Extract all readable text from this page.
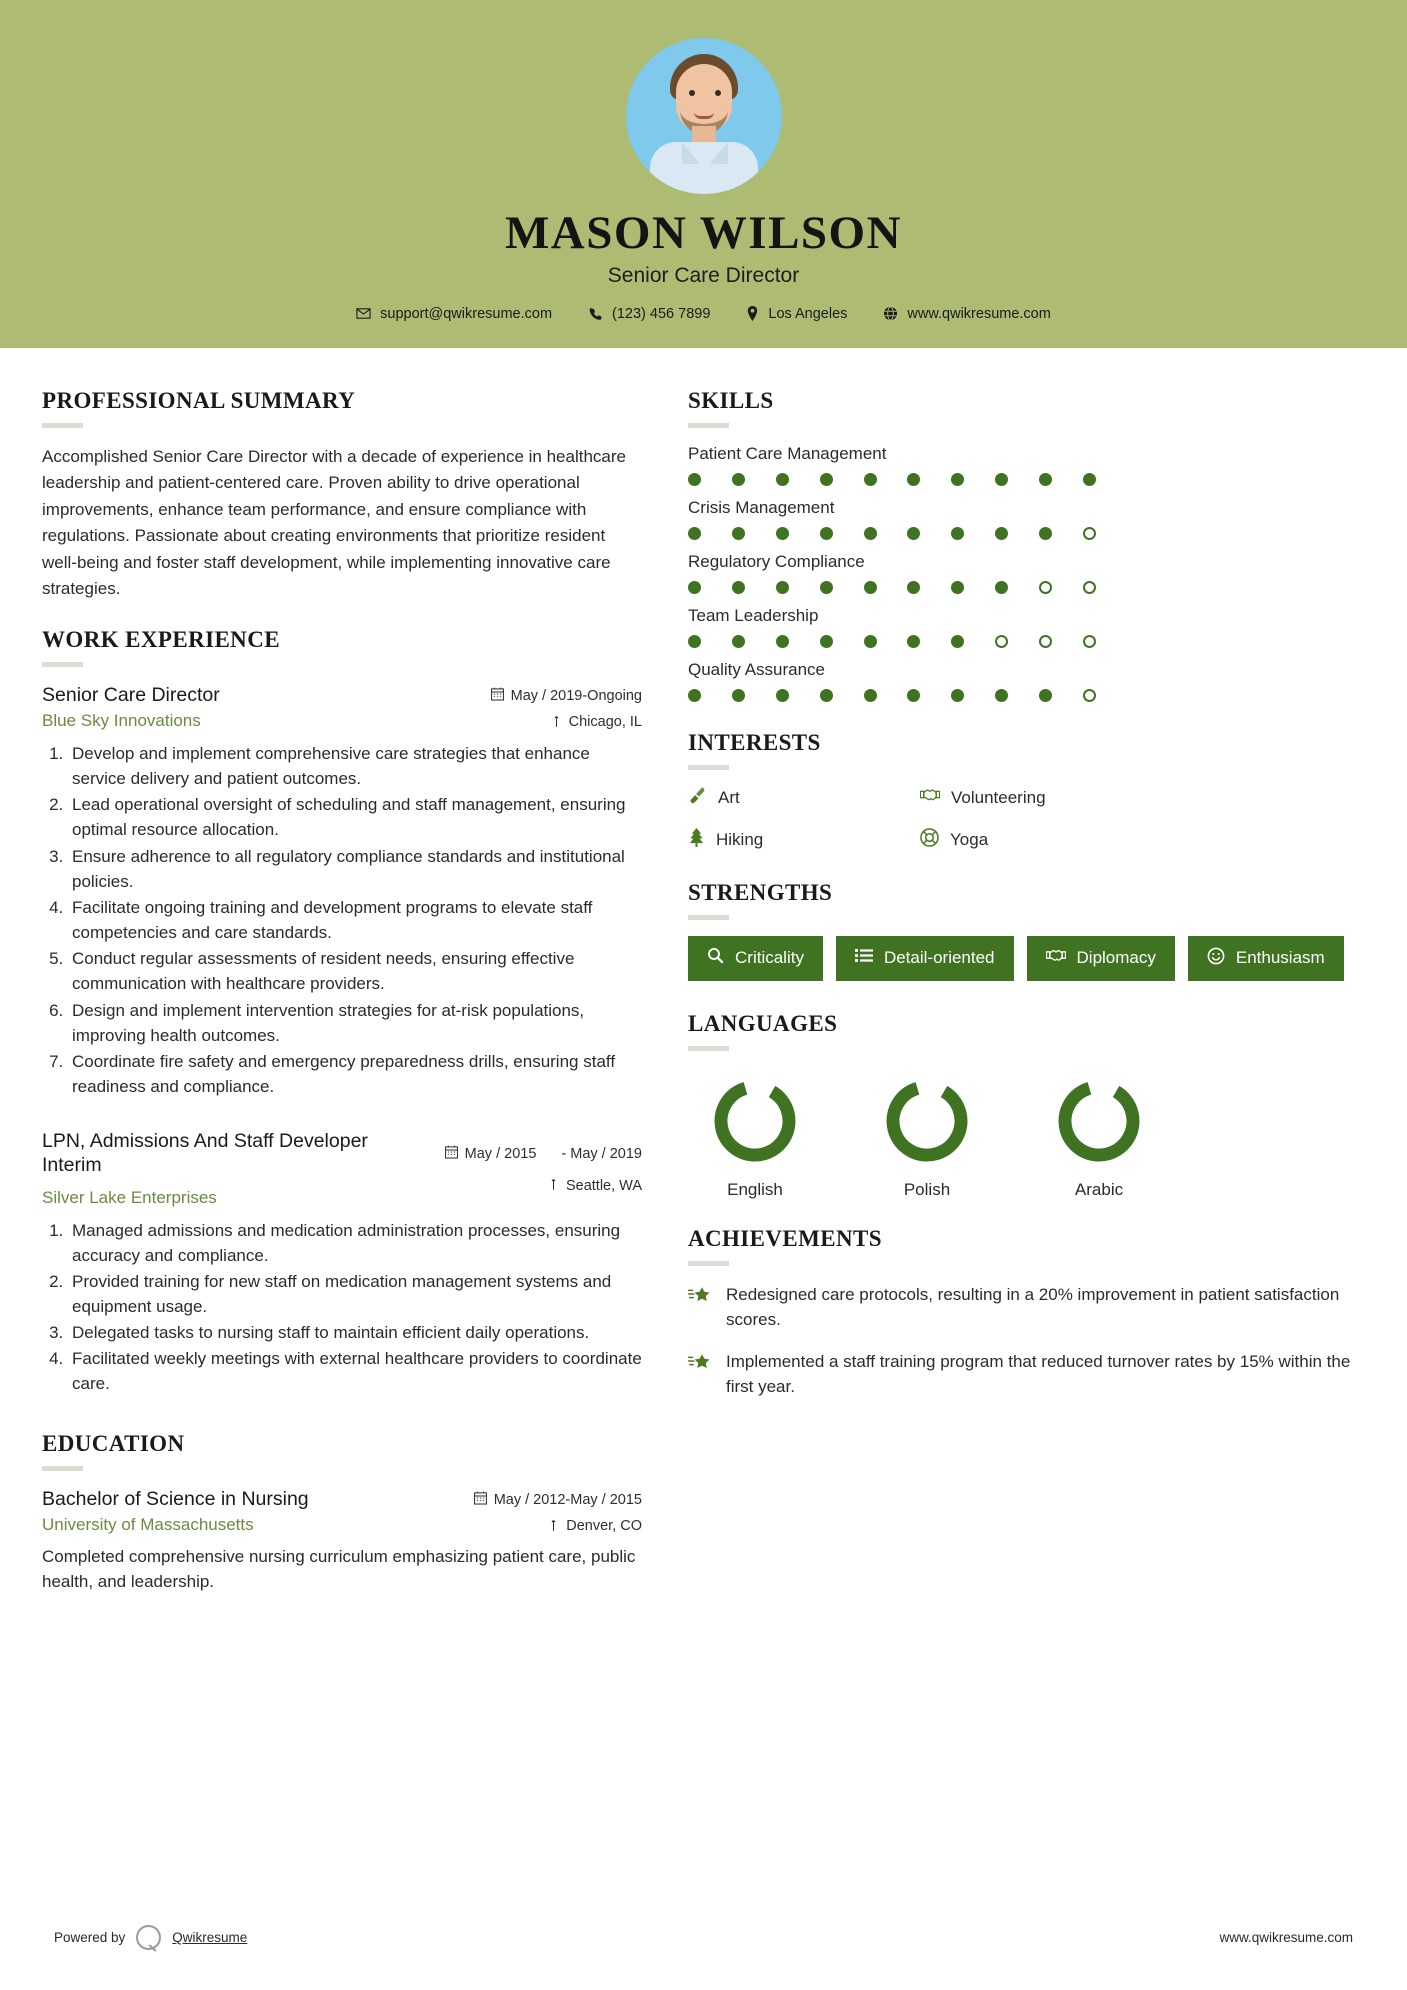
MASON WILSON
Senior Care Director
support@qwikresume.com	(123) 456 7899	Los Angeles	www.qwikresume.com
PROFESSIONAL SUMMARY
Accomplished Senior Care Director with a decade of experience in healthcare leadership and patient-centered care. Proven ability to drive operational improvements, enhance team performance, and ensure compliance with regulations. Passionate about creating environments that prioritize resident well-being and foster staff development, while implementing innovative care strategies.
WORK EXPERIENCE
Senior Care Director
Blue Sky Innovations
May / 2019-Ongoing
Chicago, IL
1. Develop and implement comprehensive care strategies that enhance service delivery and patient outcomes.
2. Lead operational oversight of scheduling and staff management, ensuring optimal resource allocation.
3. Ensure adherence to all regulatory compliance standards and institutional policies.
4. Facilitate ongoing training and development programs to elevate staff competencies and care standards.
5. Conduct regular assessments of resident needs, ensuring effective communication with healthcare providers.
6. Design and implement intervention strategies for at-risk populations, improving health outcomes.
7. Coordinate fire safety and emergency preparedness drills, ensuring staff readiness and compliance.
LPN, Admissions And Staff Developer Interim
Silver Lake Enterprises
May / 2015 - May / 2019
Seattle, WA
1. Managed admissions and medication administration processes, ensuring accuracy and compliance.
2. Provided training for new staff on medication management systems and equipment usage.
3. Delegated tasks to nursing staff to maintain efficient daily operations.
4. Facilitated weekly meetings with external healthcare providers to coordinate care.
EDUCATION
Bachelor of Science in Nursing
University of Massachusetts
May / 2012-May / 2015
Denver, CO
Completed comprehensive nursing curriculum emphasizing patient care, public health, and leadership.
SKILLS
Patient Care Management
Crisis Management
Regulatory Compliance
Team Leadership
Quality Assurance
INTERESTS
Art	Volunteering
Hiking	Yoga
STRENGTHS
Criticality	Detail-oriented	Diplomacy	Enthusiasm
LANGUAGES
English	Polish	Arabic
ACHIEVEMENTS
Redesigned care protocols, resulting in a 20% improvement in patient satisfaction scores.
Implemented a staff training program that reduced turnover rates by 15% within the first year.
Powered by	Qwikresume	www.qwikresume.com
